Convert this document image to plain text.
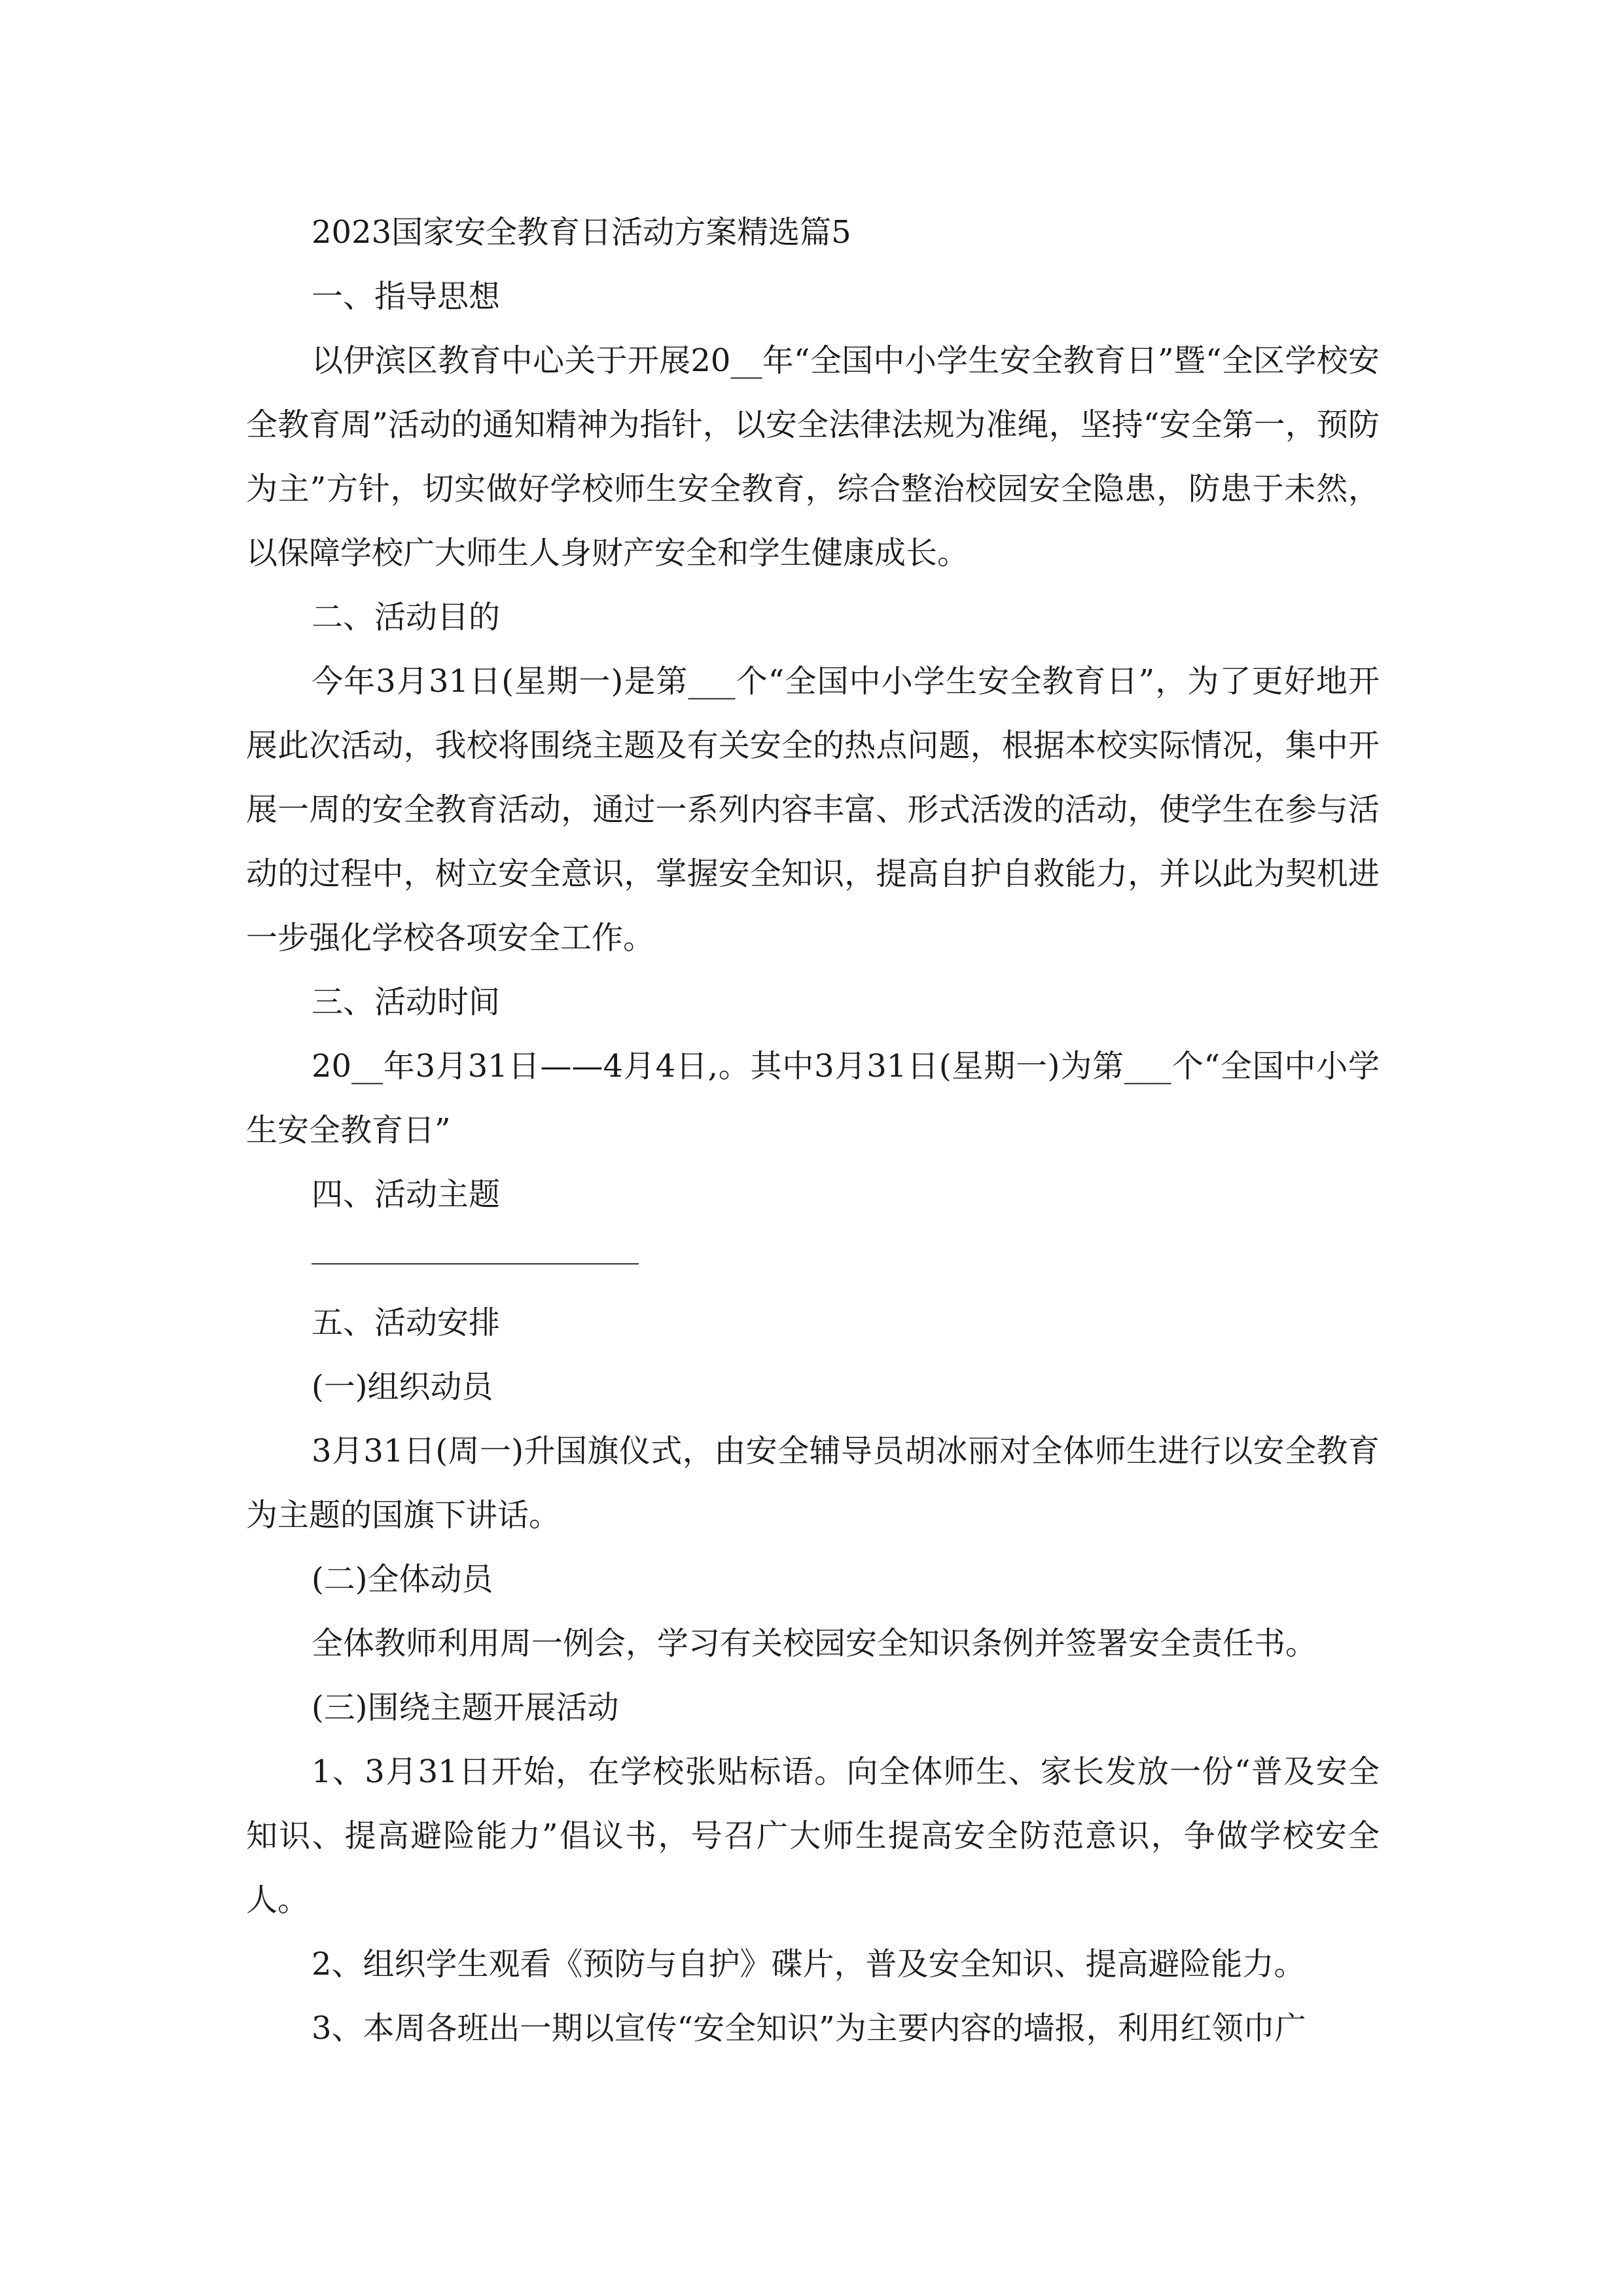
2023国家安全教育日活动方案精选篇5

一、指导思想

以伊滨区教育中心关于开展20__年“全国中小学生安全教育日”暨“全区学校安全教育周”活动的通知精神为指针，以安全法律法规为准绳，坚持“安全第一，预防为主”方针，切实做好学校师生安全教育，综合整治校园安全隐患，防患于未然，以保障学校广大师生人身财产安全和学生健康成长。

二、活动目的

今年3月31日(星期一)是第___个“全国中小学生安全教育日”，为了更好地开展此次活动，我校将围绕主题及有关安全的热点问题，根据本校实际情况，集中开展一周的安全教育活动，通过一系列内容丰富、形式活泼的活动，使学生在参与活动的过程中，树立安全意识，掌握安全知识，提高自护自救能力，并以此为契机进一步强化学校各项安全工作。

三、活动时间

20__年3月31日——4月4日,。其中3月31日(星期一)为第___个“全国中小学生安全教育日”

四、活动主题

五、活动安排

(一)组织动员

3月31日(周一)升国旗仪式，由安全辅导员胡冰丽对全体师生进行以安全教育为主题的国旗下讲话。

(二)全体动员

全体教师利用周一例会，学习有关校园安全知识条例并签署安全责任书。

(三)围绕主题开展活动

1、3月31日开始，在学校张贴标语。向全体师生、家长发放一份“普及安全知识、提高避险能力”倡议书，号召广大师生提高安全防范意识，争做学校安全人。

2、组织学生观看《预防与自护》碟片，普及安全知识、提高避险能力。

3、本周各班出一期以宣传“安全知识”为主要内容的墙报，利用红领巾广
